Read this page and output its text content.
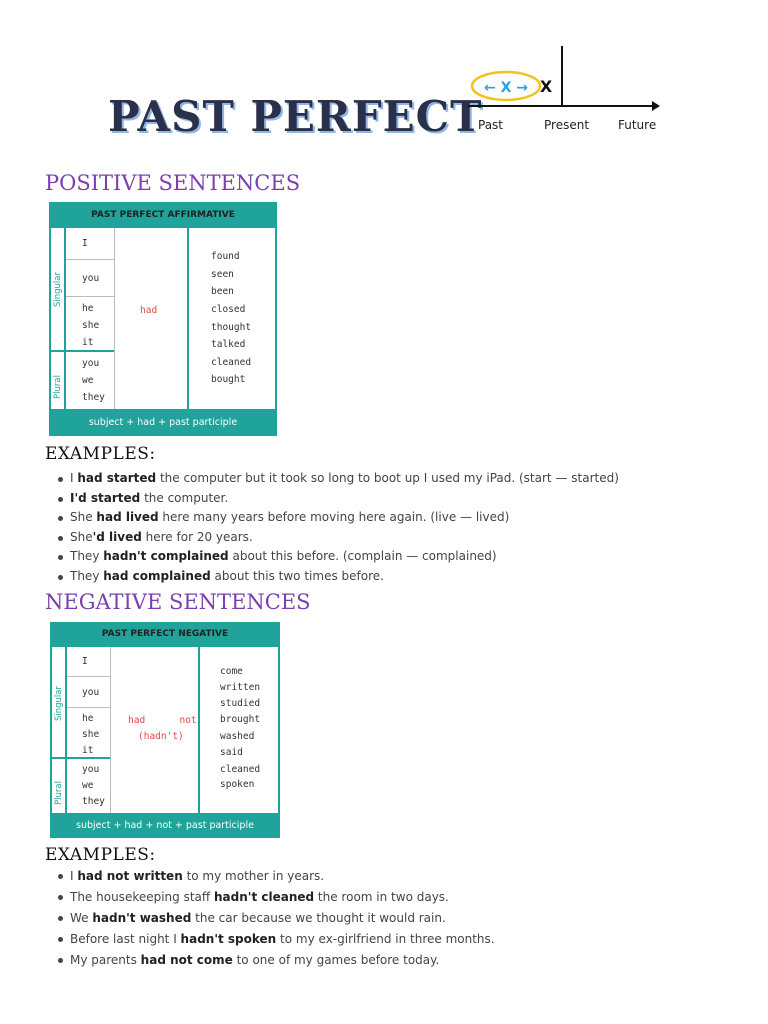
PAST PERFECT
← X → X
Past	Present Future
POSITIVE SENTENCES
PAST PERFECT AFFIRMATIVE
Singular
Plural
I
you
he
she
it
you
we
they
had
found
seen
been
closed
thought
talked
cleaned
bought
subject + had + past participle
EXAMPLES:
I had started the computer but it took so long to boot up I used my iPad. (start — started)
I'd started the computer.
She had lived here many years before moving here again. (live — lived)
She'd lived here for 20 years.
They hadn't complained about this before. (complain — complained)
They had complained about this two times before.
NEGATIVE SENTENCES
PAST PERFECT NEGATIVE
Singular
Plural
I
you
he
she
it
you
we
they
had      not
(hadn't)
come
written
studied
brought
washed
said
cleaned
spoken
subject + had + not + past participle
EXAMPLES:
I had not written to my mother in years.
The housekeeping staff hadn't cleaned the room in two days.
We hadn't washed the car because we thought it would rain.
Before last night I hadn't spoken to my ex-girlfriend in three months.
My parents had not come to one of my games before today.
